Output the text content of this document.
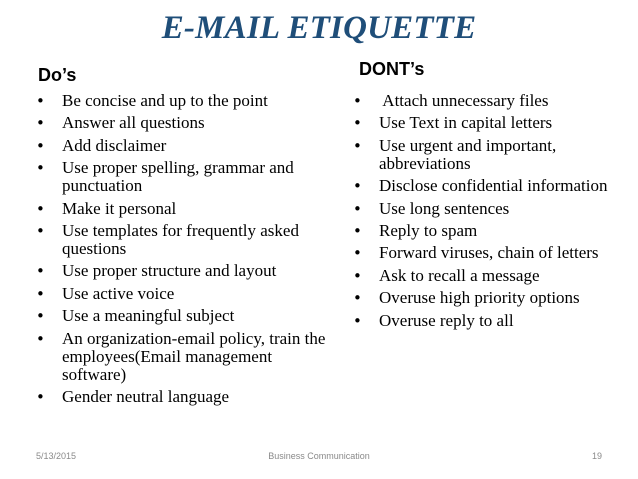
E-MAIL ETIQUETTE
Do’s	DONT’s
•	Be concise and up to the point
•	Answer all questions
•	Add disclaimer
•	Use proper spelling, grammar and punctuation
•	Make it personal
•	Use templates for frequently asked questions
•	Use proper structure and layout
•	Use active voice
•	Use a meaningful subject
•	An organization-email policy, train the employees(Email management software)
•	Gender neutral language
•	Attach unnecessary files
•	Use Text in capital letters
•	Use urgent and important, abbreviations
•	Disclose confidential information
•	Use long sentences
•	Reply to spam
•	Forward viruses, chain of letters
•	Ask to recall a message
•	Overuse high priority options
•	Overuse reply to all
5/13/2015	Business Communication	19
